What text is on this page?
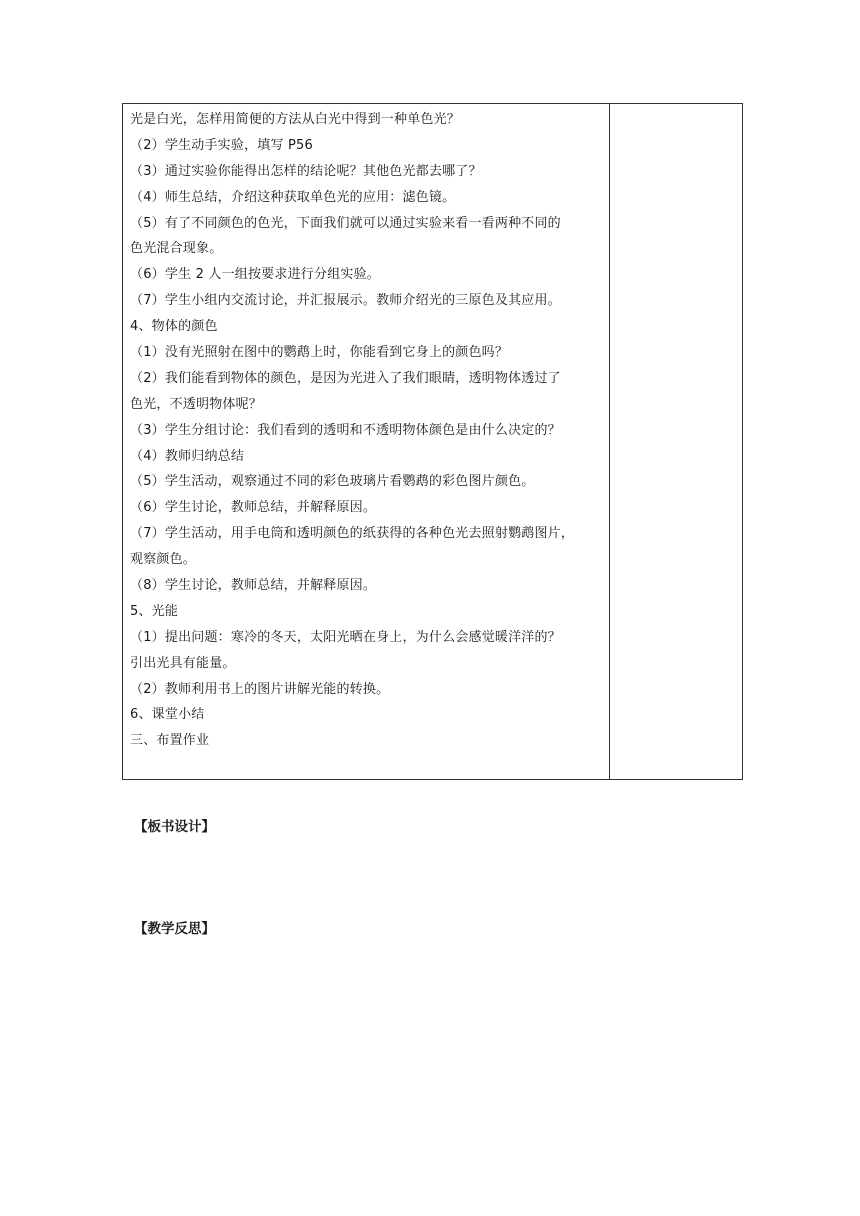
光是白光，怎样用简便的方法从白光中得到一种单色光？
（2）学生动手实验，填写 P56
（3）通过实验你能得出怎样的结论呢？其他色光都去哪了？
（4）师生总结，介绍这种获取单色光的应用：滤色镜。
（5）有了不同颜色的色光，下面我们就可以通过实验来看一看两种不同的
色光混合现象。
（6）学生 2 人一组按要求进行分组实验。
（7）学生小组内交流讨论，并汇报展示。教师介绍光的三原色及其应用。
4、物体的颜色
（1）没有光照射在图中的鹦鹉上时，你能看到它身上的颜色吗？
（2）我们能看到物体的颜色，是因为光进入了我们眼睛，透明物体透过了
色光，不透明物体呢？
（3）学生分组讨论：我们看到的透明和不透明物体颜色是由什么决定的？
（4）教师归纳总结
（5）学生活动，观察通过不同的彩色玻璃片看鹦鹉的彩色图片颜色。
（6）学生讨论，教师总结，并解释原因。
（7）学生活动，用手电筒和透明颜色的纸获得的各种色光去照射鹦鹉图片，
观察颜色。
（8）学生讨论，教师总结，并解释原因。
5、光能
（1）提出问题：寒冷的冬天，太阳光晒在身上，为什么会感觉暖洋洋的？
引出光具有能量。
（2）教师利用书上的图片讲解光能的转换。
6、课堂小结
三、布置作业
【板书设计】
【教学反思】
